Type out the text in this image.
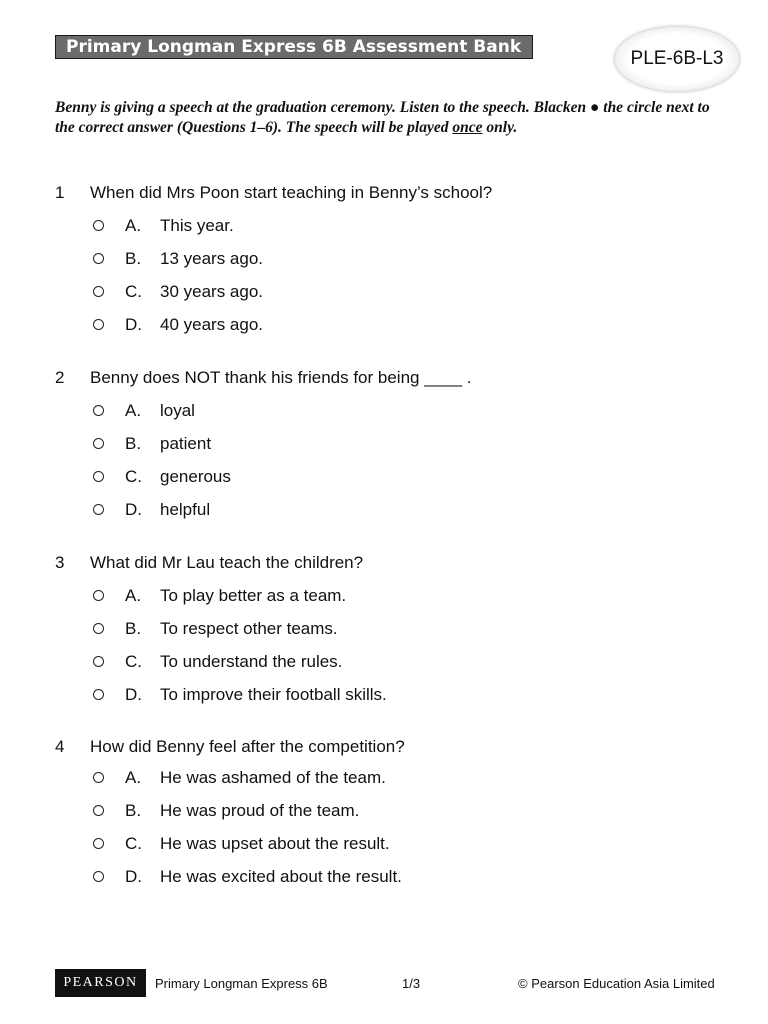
Primary Longman Express 6B Assessment Bank
PLE-6B-L3
Benny is giving a speech at the graduation ceremony. Listen to the speech. Blacken ● the circle next to the correct answer (Questions 1–6). The speech will be played once only.
1	When did Mrs Poon start teaching in Benny’s school?
A. This year.
B. 13 years ago.
C. 30 years ago.
D. 40 years ago.
2	Benny does NOT thank his friends for being ____ .
A. loyal
B. patient
C. generous
D. helpful
3	What did Mr Lau teach the children?
A. To play better as a team.
B. To respect other teams.
C. To understand the rules.
D. To improve their football skills.
4	How did Benny feel after the competition?
A. He was ashamed of the team.
B. He was proud of the team.
C. He was upset about the result.
D. He was excited about the result.
PEARSON	Primary Longman Express 6B	1/3	© Pearson Education Asia Limited
